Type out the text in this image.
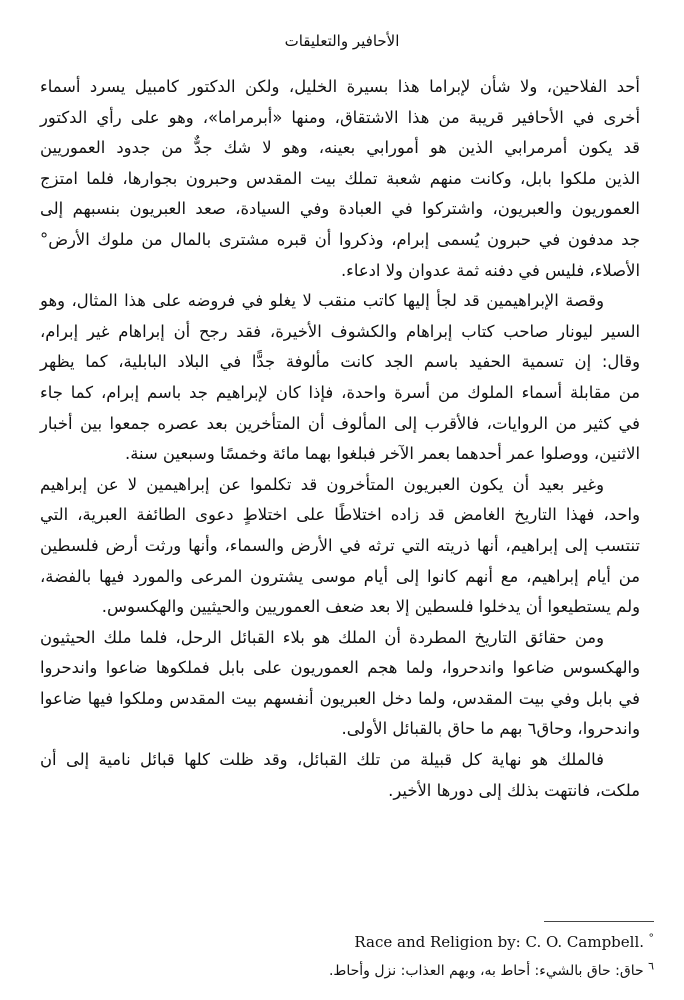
الأحافير والتعليقات
أحد الفلاحين، ولا شأن لإبراما هذا بسيرة الخليل، ولكن الدكتور كامبيل يسرد أسماء
أخرى في الأحافير قريبة من هذا الاشتقاق، ومنها «أبرمراما»، وهو على رأي الدكتور
قد يكون أمرمرابي الذين هو أمورابي بعينه، وهو لا شك جدٌّ من جدود العموريين
الذين ملكوا بابل، وكانت منهم شعبة تملك بيت المقدس وحبرون بجوارها، فلما امتزج
العموريون والعبريون، واشتركوا في العبادة وفي السيادة، صعد العبريون بنسبهم إلى
جد مدفون في حبرون يُسمى إبرام، وذكروا أن قبره مشترى بالمال من ملوك الأرض°
الأصلاء، فليس في دفنه ثمة عدوان ولا ادعاء.
وقصة الإبراهيمين قد لجأ إليها كاتب منقب لا يغلو في فروضه على هذا المثال، وهو
السير ليونار صاحب كتاب إبراهام والكشوف الأخيرة، فقد رجح أن إبراهام غير إبرام،
وقال: إن تسمية الحفيد باسم الجد كانت مألوفة جدًّا في البلاد البابلية، كما يظهر
من مقابلة أسماء الملوك من أسرة واحدة، فإذا كان لإبراهيم جد باسم إبرام، كما جاء
في كثير من الروايات، فالأقرب إلى المألوف أن المتأخرين بعد عصره جمعوا بين أخبار
الاثنين، ووصلوا عمر أحدهما بعمر الآخر فبلغوا بهما مائة وخمسًا وسبعين سنة.
وغير بعيد أن يكون العبريون المتأخرون قد تكلموا عن إبراهيمين لا عن إبراهيم
واحد، فهذا التاريخ الغامض قد زاده اختلاطًا على اختلاطٍ دعوى الطائفة العبرية، التي
تنتسب إلى إبراهيم، أنها ذريته التي ترثه في الأرض والسماء، وأنها ورثت أرض فلسطين
من أيام إبراهيم، مع أنهم كانوا إلى أيام موسى يشترون المرعى والمورد فيها بالفضة،
ولم يستطيعوا أن يدخلوا فلسطين إلا بعد ضعف العموريين والحيثيين والهكسوس.
ومن حقائق التاريخ المطردة أن الملك هو بلاء القبائل الرحل، فلما ملك الحيثيون
والهكسوس ضاعوا واندحروا، ولما هجم العموريون على بابل فملكوها ضاعوا واندحروا
في بابل وفي بيت المقدس، ولما دخل العبريون أنفسهم بيت المقدس وملكوا فيها ضاعوا
واندحروا، وحاق٦ بهم ما حاق بالقبائل الأولى.
فالملك هو نهاية كل قبيلة من تلك القبائل، وقد ظلت كلها قبائل نامية إلى أن
ملكت، فانتهت بذلك إلى دورها الأخير.
° .Race and Religion by: C. O. Campbell
$^٦$ حاق: حاق بالشيء: أحاط به، وبهم العذاب: نزل وأحاط.
